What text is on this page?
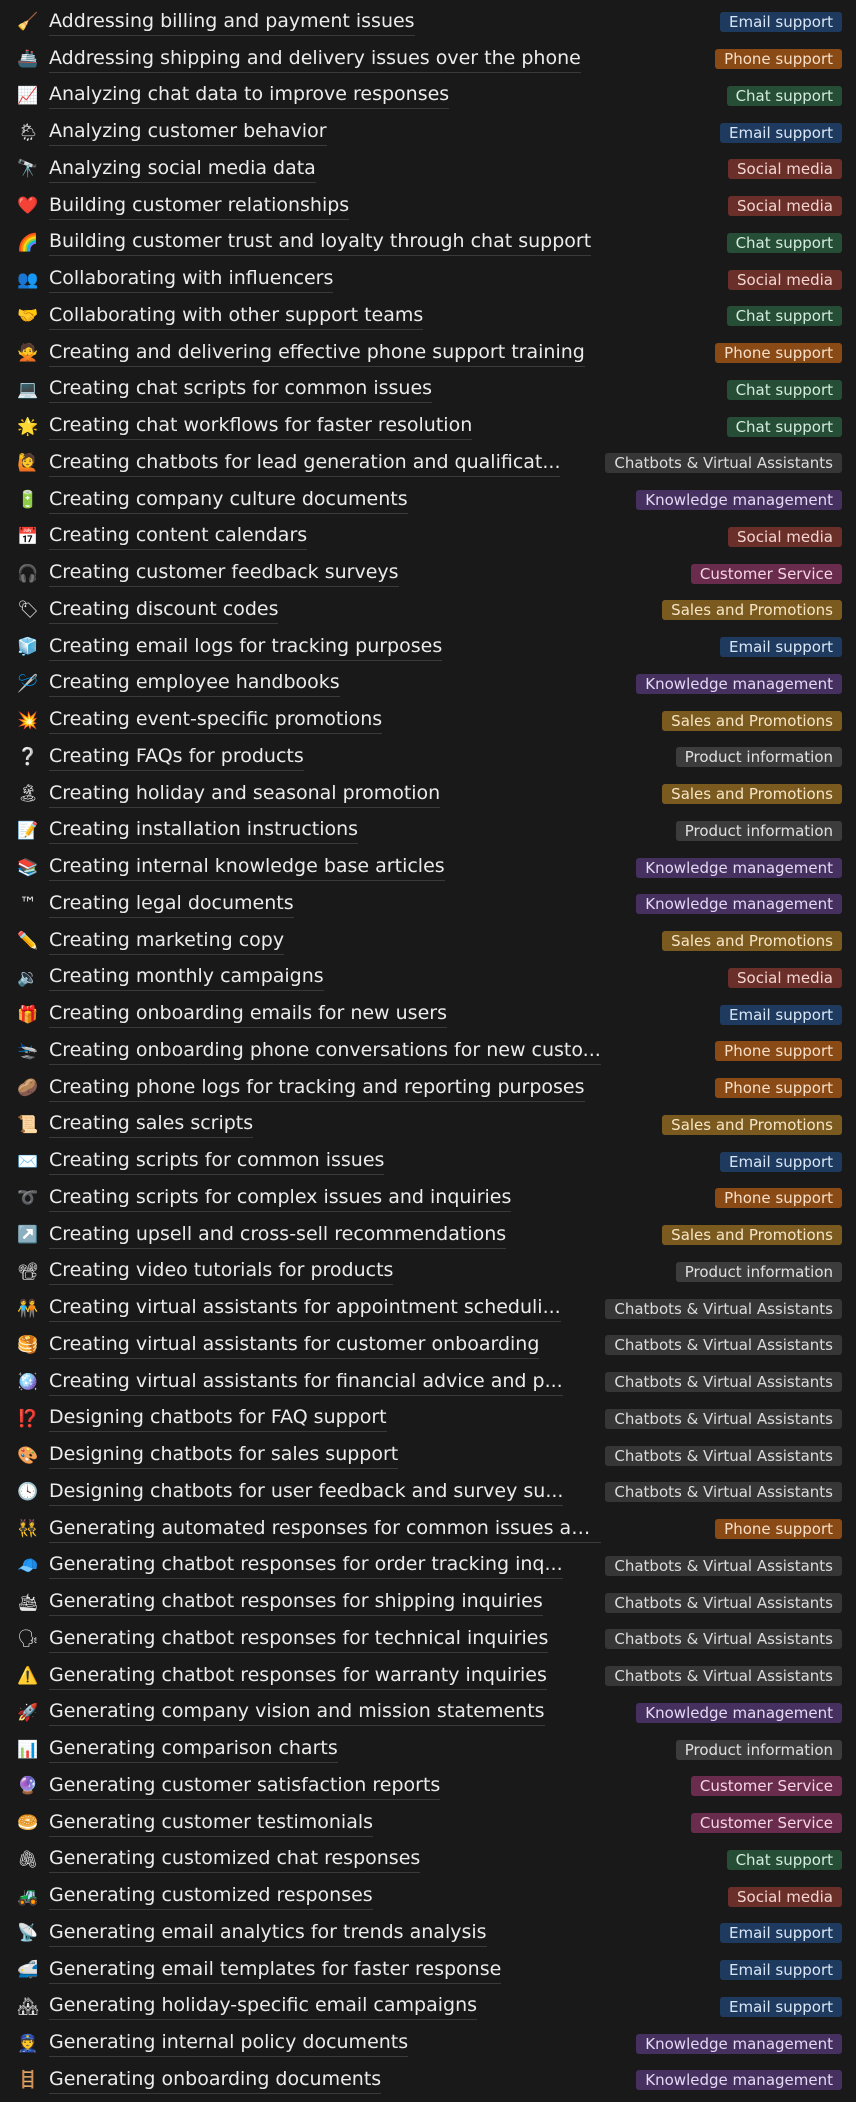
🧹 Addressing billing and payment issues	Email support
🚢 Addressing shipping and delivery issues over the phone	Phone support
📈 Analyzing chat data to improve responses	Chat support
🌦 Analyzing customer behavior	Email support
🔭 Analyzing social media data	Social media
❤️ Building customer relationships	Social media
🌈 Building customer trust and loyalty through chat support	Chat support
👥 Collaborating with influencers	Social media
🤝 Collaborating with other support teams	Chat support
🙅 Creating and delivering effective phone support training	Phone support
💻 Creating chat scripts for common issues	Chat support
🌟 Creating chat workflows for faster resolution	Chat support
🙋 Creating chatbots for lead generation and qualificat...	Chatbots & Virtual Assistants
🔋 Creating company culture documents	Knowledge management
📅 Creating content calendars	Social media
🎧 Creating customer feedback surveys	Customer Service
🏷 Creating discount codes	Sales and Promotions
🧊 Creating email logs for tracking purposes	Email support
🪡 Creating employee handbooks	Knowledge management
💥 Creating event-specific promotions	Sales and Promotions
❔ Creating FAQs for products	Product information
🏝 Creating holiday and seasonal promotion	Sales and Promotions
📝 Creating installation instructions	Product information
📚 Creating internal knowledge base articles	Knowledge management
™ Creating legal documents	Knowledge management
✏️ Creating marketing copy	Sales and Promotions
🔉 Creating monthly campaigns	Social media
🎁 Creating onboarding emails for new users	Email support
🛬 Creating onboarding phone conversations for new custo...	Phone support
🥔 Creating phone logs for tracking and reporting purposes	Phone support
📜 Creating sales scripts	Sales and Promotions
✉️ Creating scripts for common issues	Email support
➰ Creating scripts for complex issues and inquiries	Phone support
↗️ Creating upsell and cross-sell recommendations	Sales and Promotions
📽 Creating video tutorials for products	Product information
🧑‍🤝‍🧑 Creating virtual assistants for appointment scheduli...	Chatbots & Virtual Assistants
🥞 Creating virtual assistants for customer onboarding	Chatbots & Virtual Assistants
🪩 Creating virtual assistants for financial advice and p...	Chatbots & Virtual Assistants
⁉️ Designing chatbots for FAQ support	Chatbots & Virtual Assistants
🎨 Designing chatbots for sales support	Chatbots & Virtual Assistants
🕓 Designing chatbots for user feedback and survey su...	Chatbots & Virtual Assistants
👯 Generating automated responses for common issues an...	Phone support
🧢 Generating chatbot responses for order tracking inq...	Chatbots & Virtual Assistants
🛳 Generating chatbot responses for shipping inquiries	Chatbots & Virtual Assistants
🗣 Generating chatbot responses for technical inquiries	Chatbots & Virtual Assistants
⚠️ Generating chatbot responses for warranty inquiries	Chatbots & Virtual Assistants
🚀 Generating company vision and mission statements	Knowledge management
📊 Generating comparison charts	Product information
🔮 Generating customer satisfaction reports	Customer Service
🥯 Generating customer testimonials	Customer Service
🖇 Generating customized chat responses	Chat support
🚜 Generating customized responses	Social media
📡 Generating email analytics for trends analysis	Email support
🚅 Generating email templates for faster response	Email support
🏘 Generating holiday-specific email campaigns	Email support
👮 Generating internal policy documents	Knowledge management
🪜 Generating onboarding documents	Knowledge management
